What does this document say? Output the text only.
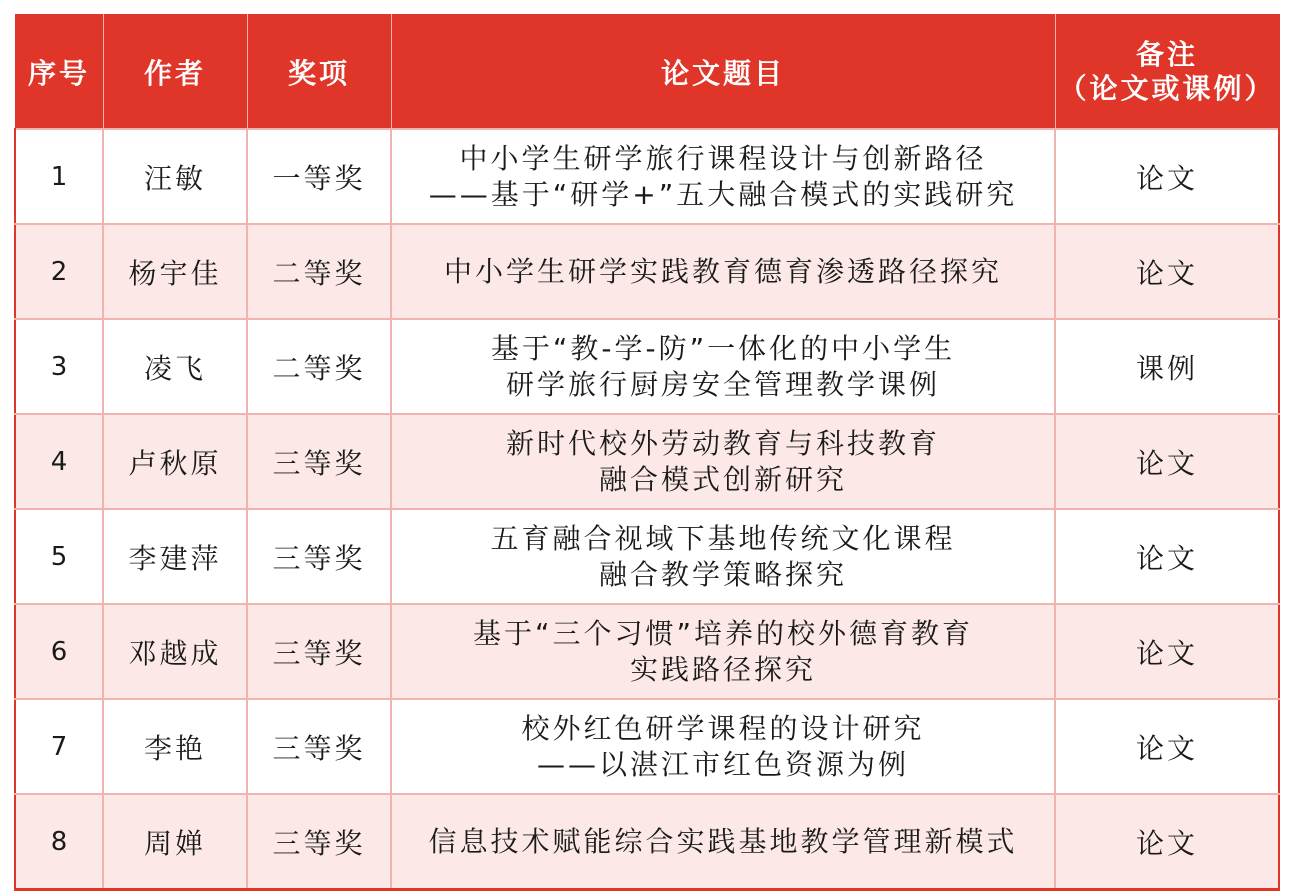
序号	作者	奖项	论文题目	备注
（论文或课例）

1	汪敏	一等奖	中小学生研学旅行课程设计与创新路径
——基于“研学+”五大融合模式的实践研究	论文
2	杨宇佳	二等奖	中小学生研学实践教育德育渗透路径探究	论文
3	凌飞	二等奖	基于“教-学-防”一体化的中小学生
研学旅行厨房安全管理教学课例	课例
4	卢秋原	三等奖	新时代校外劳动教育与科技教育
融合模式创新研究	论文
5	李建萍	三等奖	五育融合视域下基地传统文化课程
融合教学策略探究	论文
6	邓越成	三等奖	基于“三个习惯”培养的校外德育教育
实践路径探究	论文
7	李艳	三等奖	校外红色研学课程的设计研究
——以湛江市红色资源为例	论文
8	周婵	三等奖	信息技术赋能综合实践基地教学管理新模式	论文
